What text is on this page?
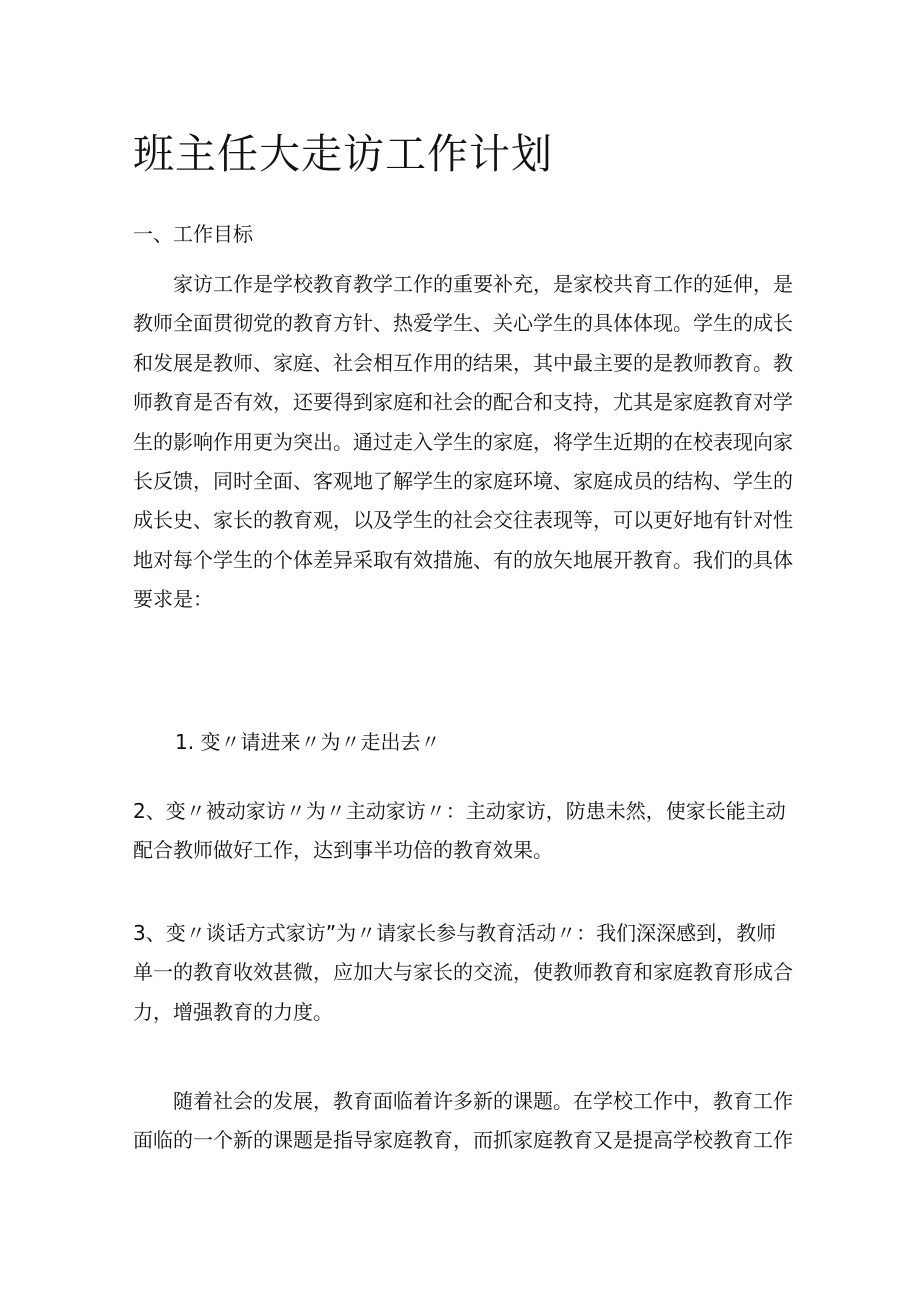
班主任大走访工作计划
一、工作目标

家访工作是学校教育教学工作的重要补充，是家校共育工作的延伸，是教师全面贯彻党的教育方针、热爱学生、关心学生的具体体现。学生的成长和发展是教师、家庭、社会相互作用的结果，其中最主要的是教师教育。教师教育是否有效，还要得到家庭和社会的配合和支持，尤其是家庭教育对学生的影响作用更为突出。通过走入学生的家庭，将学生近期的在校表现向家长反馈，同时全面、客观地了解学生的家庭环境、家庭成员的结构、学生的成长史、家长的教育观，以及学生的社会交往表现等，可以更好地有针对性地对每个学生的个体差异采取有效措施、有的放矢地展开教育。我们的具体要求是：

1. 变〃请进来〃为〃走出去〃

2、变〃被动家访〃为〃主动家访〃：主动家访，防患未然，使家长能主动配合教师做好工作，达到事半功倍的教育效果。

3、变〃谈话方式家访”为〃请家长参与教育活动〃：我们深深感到，教师单一的教育收效甚微，应加大与家长的交流，使教师教育和家庭教育形成合力，增强教育的力度。

随着社会的发展，教育面临着许多新的课题。在学校工作中，教育工作面临的一个新的课题是指导家庭教育，而抓家庭教育又是提高学校教育工作
